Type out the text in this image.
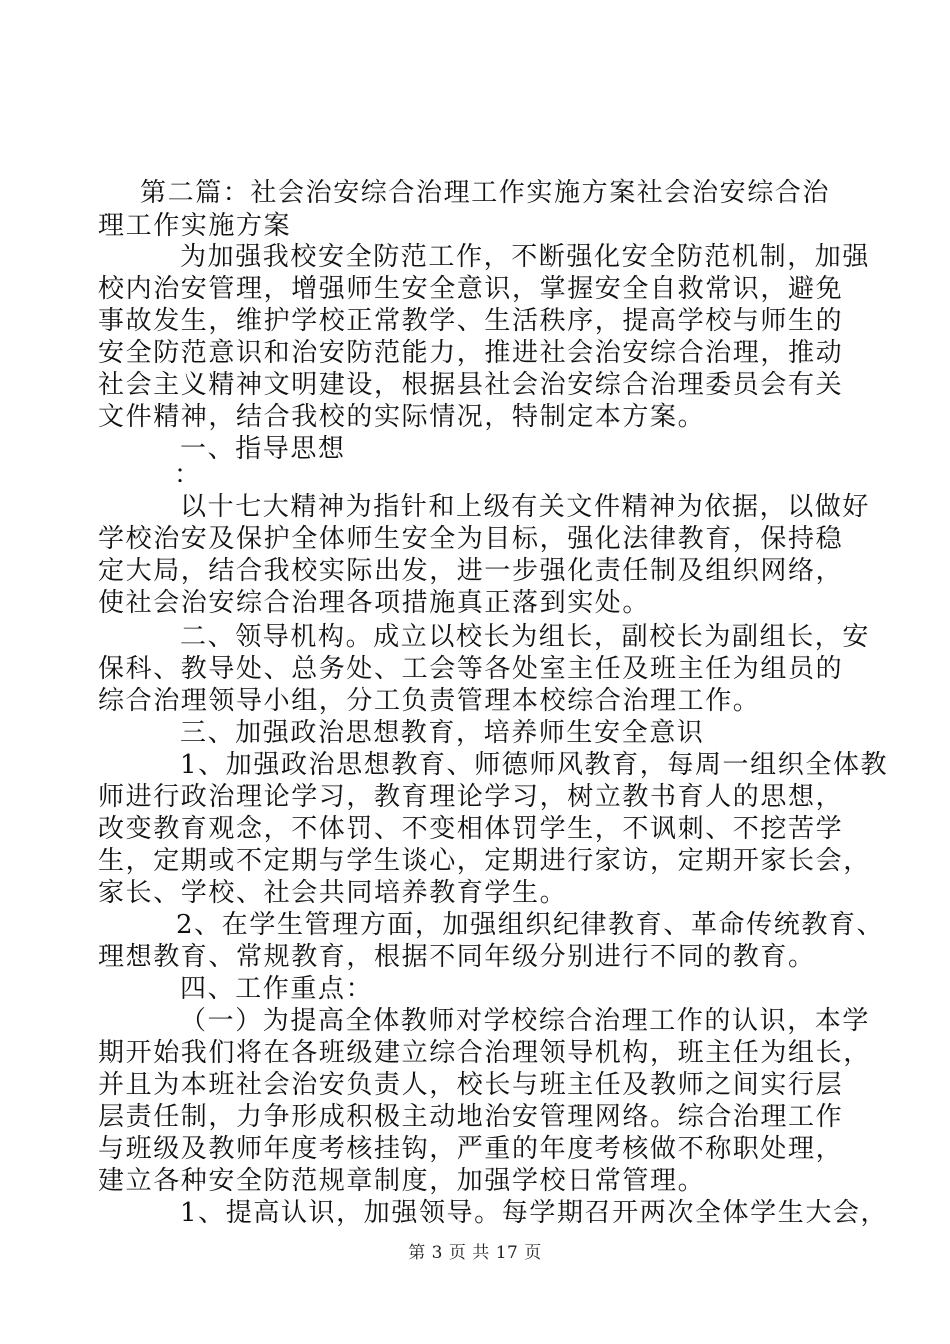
第二篇：社会治安综合治理工作实施方案社会治安综合治
理工作实施方案
为加强我校安全防范工作，不断强化安全防范机制，加强
校内治安管理，增强师生安全意识，掌握安全自救常识，避免
事故发生，维护学校正常教学、生活秩序，提高学校与师生的
安全防范意识和治安防范能力，推进社会治安综合治理，推动
社会主义精神文明建设，根据县社会治安综合治理委员会有关
文件精神，结合我校的实际情况，特制定本方案。
一、指导思想
：
以十七大精神为指针和上级有关文件精神为依据，以做好
学校治安及保护全体师生安全为目标，强化法律教育，保持稳
定大局，结合我校实际出发，进一步强化责任制及组织网络，
使社会治安综合治理各项措施真正落到实处。
二、领导机构。成立以校长为组长，副校长为副组长，安
保科、教导处、总务处、工会等各处室主任及班主任为组员的
综合治理领导小组，分工负责管理本校综合治理工作。
三、加强政治思想教育，培养师生安全意识
1、加强政治思想教育、师德师风教育，每周一组织全体教
师进行政治理论学习，教育理论学习，树立教书育人的思想，
改变教育观念，不体罚、不变相体罚学生，不讽刺、不挖苦学
生，定期或不定期与学生谈心，定期进行家访，定期开家长会，
家长、学校、社会共同培养教育学生。
2、在学生管理方面，加强组织纪律教育、革命传统教育、
理想教育、常规教育，根据不同年级分别进行不同的教育。
四、工作重点：
（一）为提高全体教师对学校综合治理工作的认识，本学
期开始我们将在各班级建立综合治理领导机构，班主任为组长，
并且为本班社会治安负责人，校长与班主任及教师之间实行层
层责任制，力争形成积极主动地治安管理网络。综合治理工作
与班级及教师年度考核挂钩，严重的年度考核做不称职处理，
建立各种安全防范规章制度，加强学校日常管理。
1、提高认识，加强领导。每学期召开两次全体学生大会，
第 3 页 共 17 页
